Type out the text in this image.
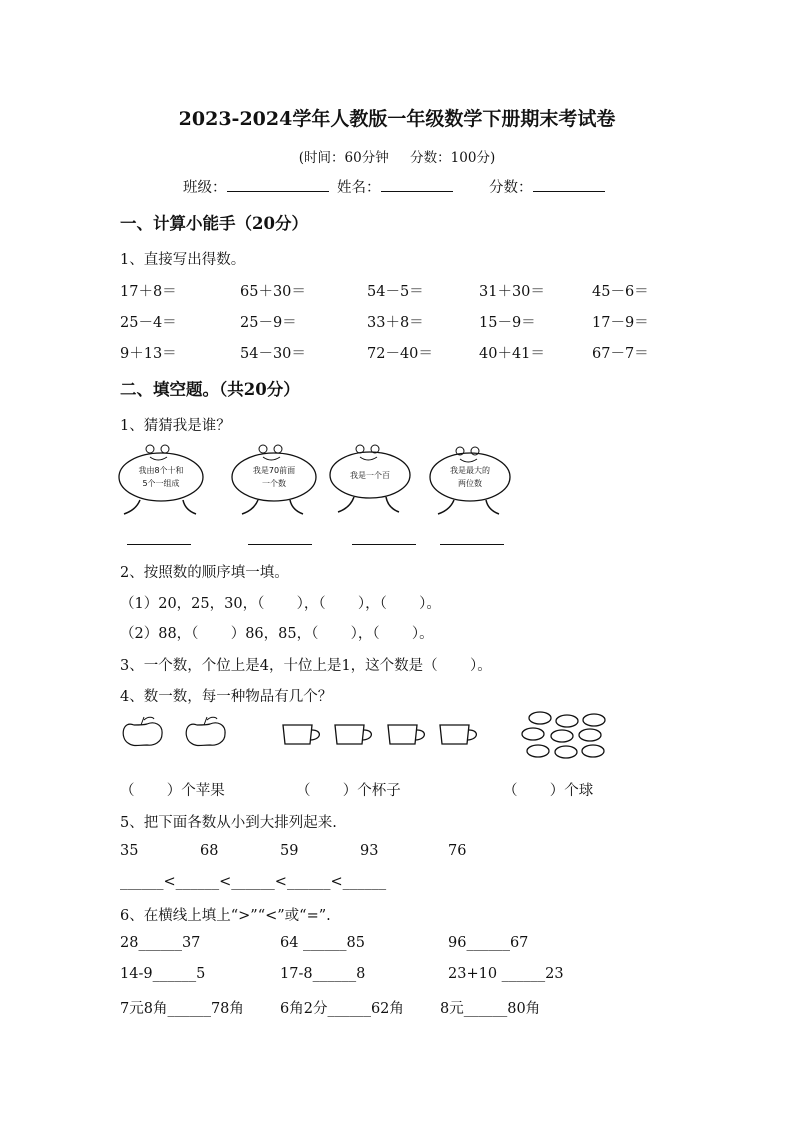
2023-2024学年人教版一年级数学下册期末考试卷
(时间：60分钟     分数：100分)
班级：	姓名：	分数：
一、计算小能手（20分）
1、直接写出得数。
17＋8＝	65＋30＝	54－5＝	31＋30＝	45－6＝
25－4＝	25－9＝	33＋8＝	15－9＝	17－9＝
9＋13＝	54－30＝	72－40＝	40＋41＝	67－7＝
二、填空题。（共20分）
1、猜猜我是谁？
我由8个十和
5个一组成
我是70前面
一个数
我是一个百
我是最大的
两位数
2、按照数的顺序填一填。
（1）20，25，30，（       ），（       ），（       ）。
（2）88，（       ）86，85，（       ），（       ）。
3、一个数，个位上是4，十位上是1，这个数是（       ）。
4、数一数，每一种物品有几个？
（       ）个苹果	（       ）个杯子	（       ）个球
5、把下面各数从小到大排列起来.
35	68	59	93	76
______<______<______<______<______
6、在横线上填上“>”“<”或“=”.
28______37	64 ______85	96______67
14-9______5	17-8______8	23+10 ______23
7元8角______78角 6角2分______62角 8元______80角
